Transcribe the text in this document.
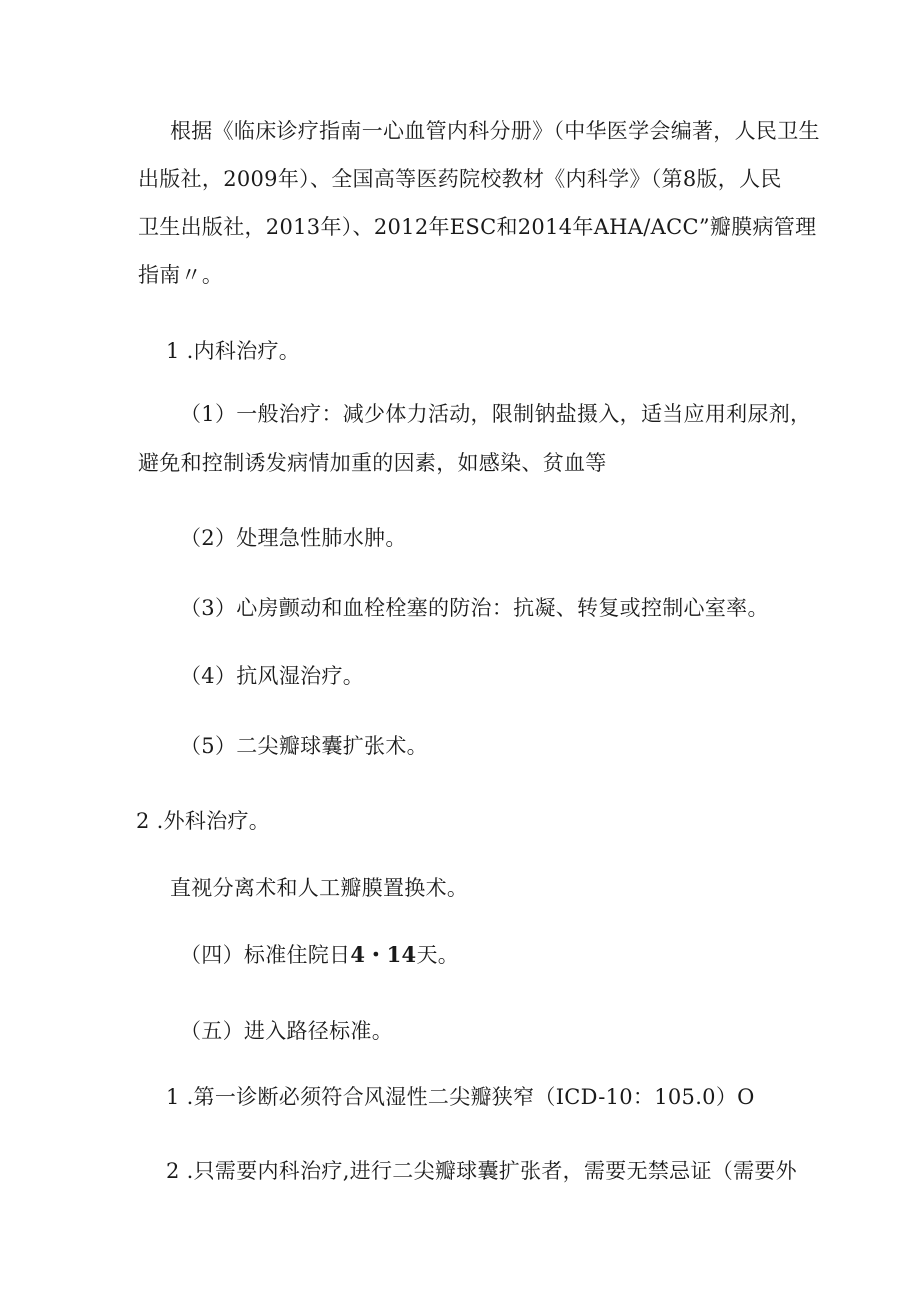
根据《临床诊疗指南一心血管内科分册》（中华医学会编著，人民卫生
出版社，2009年）、全国高等医药院校教材《内科学》（第8版，人民
卫生出版社，2013年）、2012年ESC和2014年AHA/ACC”瓣膜病管理
指南〃。
1 .内科治疗。
（1）一般治疗：减少体力活动，限制钠盐摄入，适当应用利尿剂，
避免和控制诱发病情加重的因素，如感染、贫血等
（2）处理急性肺水肿。
（3）心房颤动和血栓栓塞的防治：抗凝、转复或控制心室率。
（4）抗风湿治疗。
（5）二尖瓣球囊扩张术。
2 .外科治疗。
直视分离术和人工瓣膜置换术。
（四）标准住院日4・14天。
（五）进入路径标准。
1 .第一诊断必须符合风湿性二尖瓣狭窄（ICD-10：105.0）O
2 .只需要内科治疗,进行二尖瓣球囊扩张者，需要无禁忌证（需要外
